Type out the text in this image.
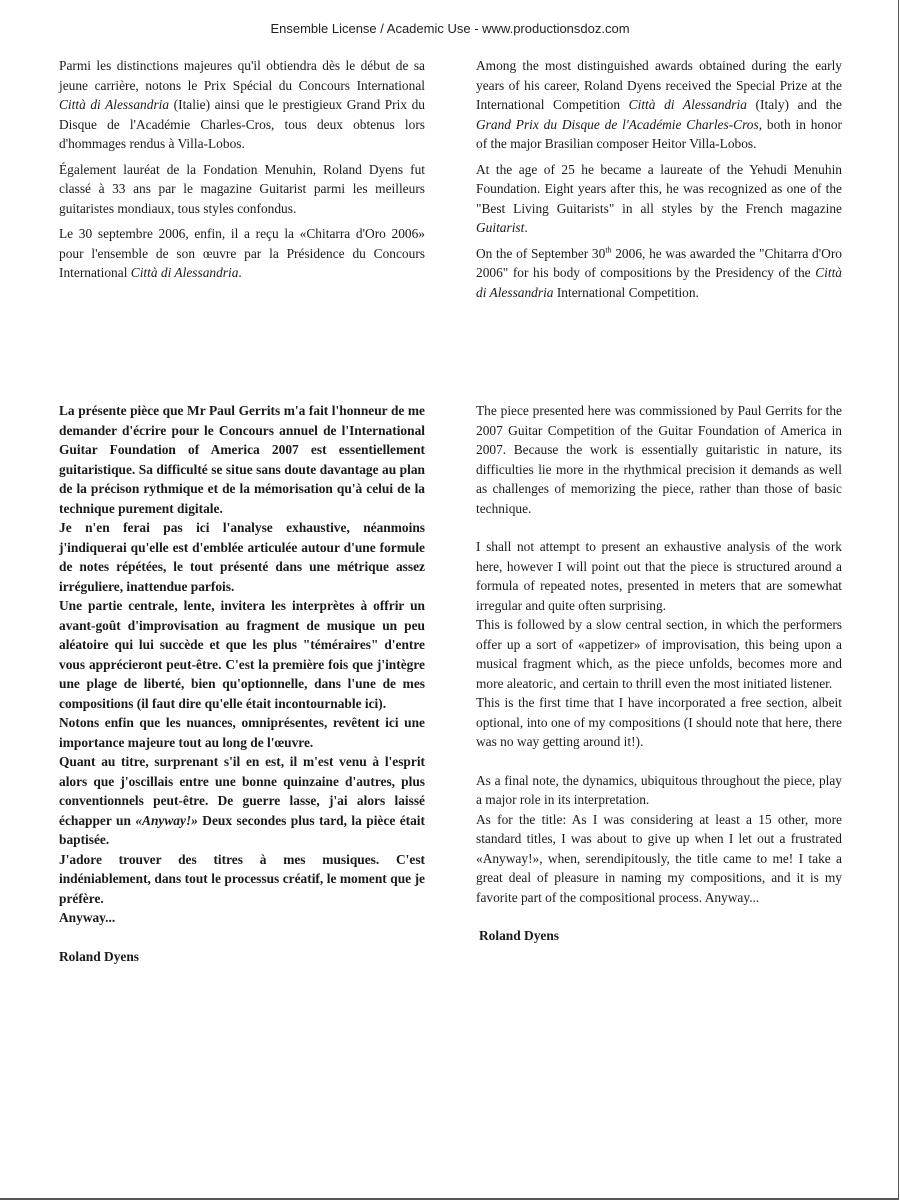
Ensemble License / Academic Use - www.productionsdoz.com

Parmi les distinctions majeures qu'il obtiendra dès le début de sa jeune carrière, notons le Prix Spécial du Concours International Città di Alessandria (Italie) ainsi que le prestigieux Grand Prix du Disque de l'Académie Charles-Cros, tous deux obtenus lors d'hommages rendus à Villa-Lobos.

Également lauréat de la Fondation Menuhin, Roland Dyens fut classé à 33 ans par le magazine Guitarist parmi les meilleurs guitaristes mondiaux, tous styles confondus.

Le 30 septembre 2006, enfin, il a reçu la «Chitarra d'Oro 2006» pour l'ensemble de son œuvre par la Présidence du Concours International Città di Alessandria.

Among the most distinguished awards obtained during the early years of his career, Roland Dyens received the Special Prize at the International Competition Città di Alessandria (Italy) and the Grand Prix du Disque de l'Académie Charles-Cros, both in honor of the major Brasilian composer Heitor Villa-Lobos.

At the age of 25 he became a laureate of the Yehudi Menuhin Foundation. Eight years after this, he was recognized as one of the "Best Living Guitarists" in all styles by the French magazine Guitarist.

On the of September 30th 2006, he was awarded the "Chitarra d'Oro 2006" for his body of compositions by the Presidency of the Città di Alessandria International Competition.

La présente pièce que Mr Paul Gerrits m'a fait l'honneur de me demander d'écrire pour le Concours annuel de l'International Guitar Foundation of America 2007 est essentiellement guitaristique. Sa difficulté se situe sans doute davantage au plan de la précison rythmique et de la mémorisation qu'à celui de la technique purement digitale.

Je n'en ferai pas ici l'analyse exhaustive, néanmoins j'indiquerai qu'elle est d'emblée articulée autour d'une formule de notes répétées, le tout présenté dans une métrique assez irréguliere, inattendue parfois.

Une partie centrale, lente, invitera les interprètes à offrir un avant-goût d'improvisation au fragment de musique un peu aléatoire qui lui succède et que les plus "téméraires" d'entre vous apprécieront peut-être. C'est la première fois que j'intègre une plage de liberté, bien qu'optionnelle, dans l'une de mes compositions (il faut dire qu'elle était incontournable ici).

Notons enfin que les nuances, omniprésentes, revêtent ici une importance majeure tout au long de l'œuvre.

Quant au titre, surprenant s'il en est, il m'est venu à l'esprit alors que j'oscillais entre une bonne quinzaine d'autres, plus conventionnels peut-être. De guerre lasse, j'ai alors laissé échapper un «Anyway!» Deux secondes plus tard, la pièce était baptisée.

J'adore trouver des titres à mes musiques. C'est indéniablement, dans tout le processus créatif, le moment que je préfère.

Anyway...

Roland Dyens

The piece presented here was commissioned by Paul Gerrits for the 2007 Guitar Competition of the Guitar Foundation of America in 2007. Because the work is essentially guitaristic in nature, its difficulties lie more in the rhythmical precision it demands as well as challenges of memorizing the piece, rather than those of basic technique.

I shall not attempt to present an exhaustive analysis of the work here, however I will point out that the piece is structured around a formula of repeated notes, presented in meters that are somewhat irregular and quite often surprising.

This is followed by a slow central section, in which the performers offer up a sort of «appetizer» of improvisation, this being upon a musical fragment which, as the piece unfolds, becomes more and more aleatoric, and certain to thrill even the most initiated listener.

This is the first time that I have incorporated a free section, albeit optional, into one of my compositions (I should note that here, there was no way getting around it!).

As a final note, the dynamics, ubiquitous throughout the piece, play a major role in its interpretation.

As for the title: As I was considering at least a 15 other, more standard titles, I was about to give up when I let out a frustrated «Anyway!», when, serendipitously, the title came to me! I take a great deal of pleasure in naming my compositions, and it is my favorite part of the compositional process. Anyway...

Roland Dyens
